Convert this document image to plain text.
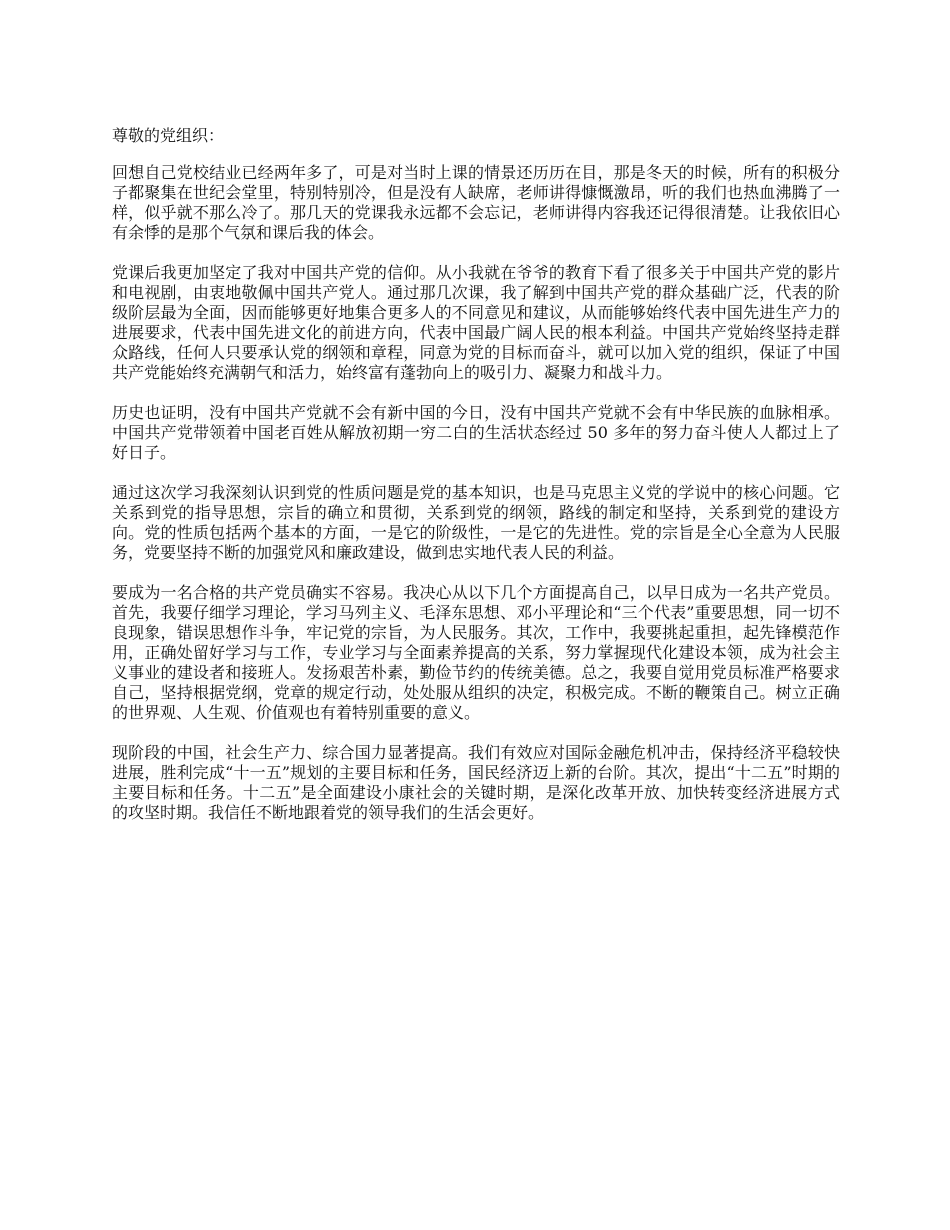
尊敬的党组织：

回想自己党校结业已经两年多了，可是对当时上课的情景还历历在目，那是冬天的时候，所有的积极分子都聚集在世纪会堂里，特别特别冷，但是没有人缺席，老师讲得慷慨激昂，听的我们也热血沸腾了一样，似乎就不那么冷了。那几天的党课我永远都不会忘记，老师讲得内容我还记得很清楚。让我依旧心有余悸的是那个气氛和课后我的体会。

党课后我更加坚定了我对中国共产党的信仰。从小我就在爷爷的教育下看了很多关于中国共产党的影片和电视剧，由衷地敬佩中国共产党人。通过那几次课，我了解到中国共产党的群众基础广泛，代表的阶级阶层最为全面，因而能够更好地集合更多人的不同意见和建议，从而能够始终代表中国先进生产力的进展要求，代表中国先进文化的前进方向，代表中国最广阔人民的根本利益。中国共产党始终坚持走群众路线，任何人只要承认党的纲领和章程，同意为党的目标而奋斗，就可以加入党的组织，保证了中国共产党能始终充满朝气和活力，始终富有蓬勃向上的吸引力、凝聚力和战斗力。

历史也证明，没有中国共产党就不会有新中国的今日，没有中国共产党就不会有中华民族的血脉相承。中国共产党带领着中国老百姓从解放初期一穷二白的生活状态经过 50 多年的努力奋斗使人人都过上了好日子。

通过这次学习我深刻认识到党的性质问题是党的基本知识，也是马克思主义党的学说中的核心问题。它关系到党的指导思想，宗旨的确立和贯彻，关系到党的纲领，路线的制定和坚持，关系到党的建设方向。党的性质包括两个基本的方面，一是它的阶级性，一是它的先进性。党的宗旨是全心全意为人民服务，党要坚持不断的加强党风和廉政建设，做到忠实地代表人民的利益。

要成为一名合格的共产党员确实不容易。我决心从以下几个方面提高自己，以早日成为一名共产党员。首先，我要仔细学习理论，学习马列主义、毛泽东思想、邓小平理论和“三个代表”重要思想，同一切不良现象，错误思想作斗争，牢记党的宗旨，为人民服务。其次，工作中，我要挑起重担，起先锋模范作用，正确处留好学习与工作，专业学习与全面素养提高的关系，努力掌握现代化建设本领，成为社会主义事业的建设者和接班人。发扬艰苦朴素，勤俭节约的传统美德。总之，我要自觉用党员标准严格要求自己，坚持根据党纲，党章的规定行动，处处服从组织的决定，积极完成。不断的鞭策自己。树立正确的世界观、人生观、价值观也有着特别重要的意义。

现阶段的中国，社会生产力、综合国力显著提高。我们有效应对国际金融危机冲击，保持经济平稳较快进展，胜利完成“十一五”规划的主要目标和任务，国民经济迈上新的台阶。其次，提出“十二五”时期的主要目标和任务。十二五”是全面建设小康社会的关键时期，是深化改革开放、加快转变经济进展方式的攻坚时期。我信任不断地跟着党的领导我们的生活会更好。
